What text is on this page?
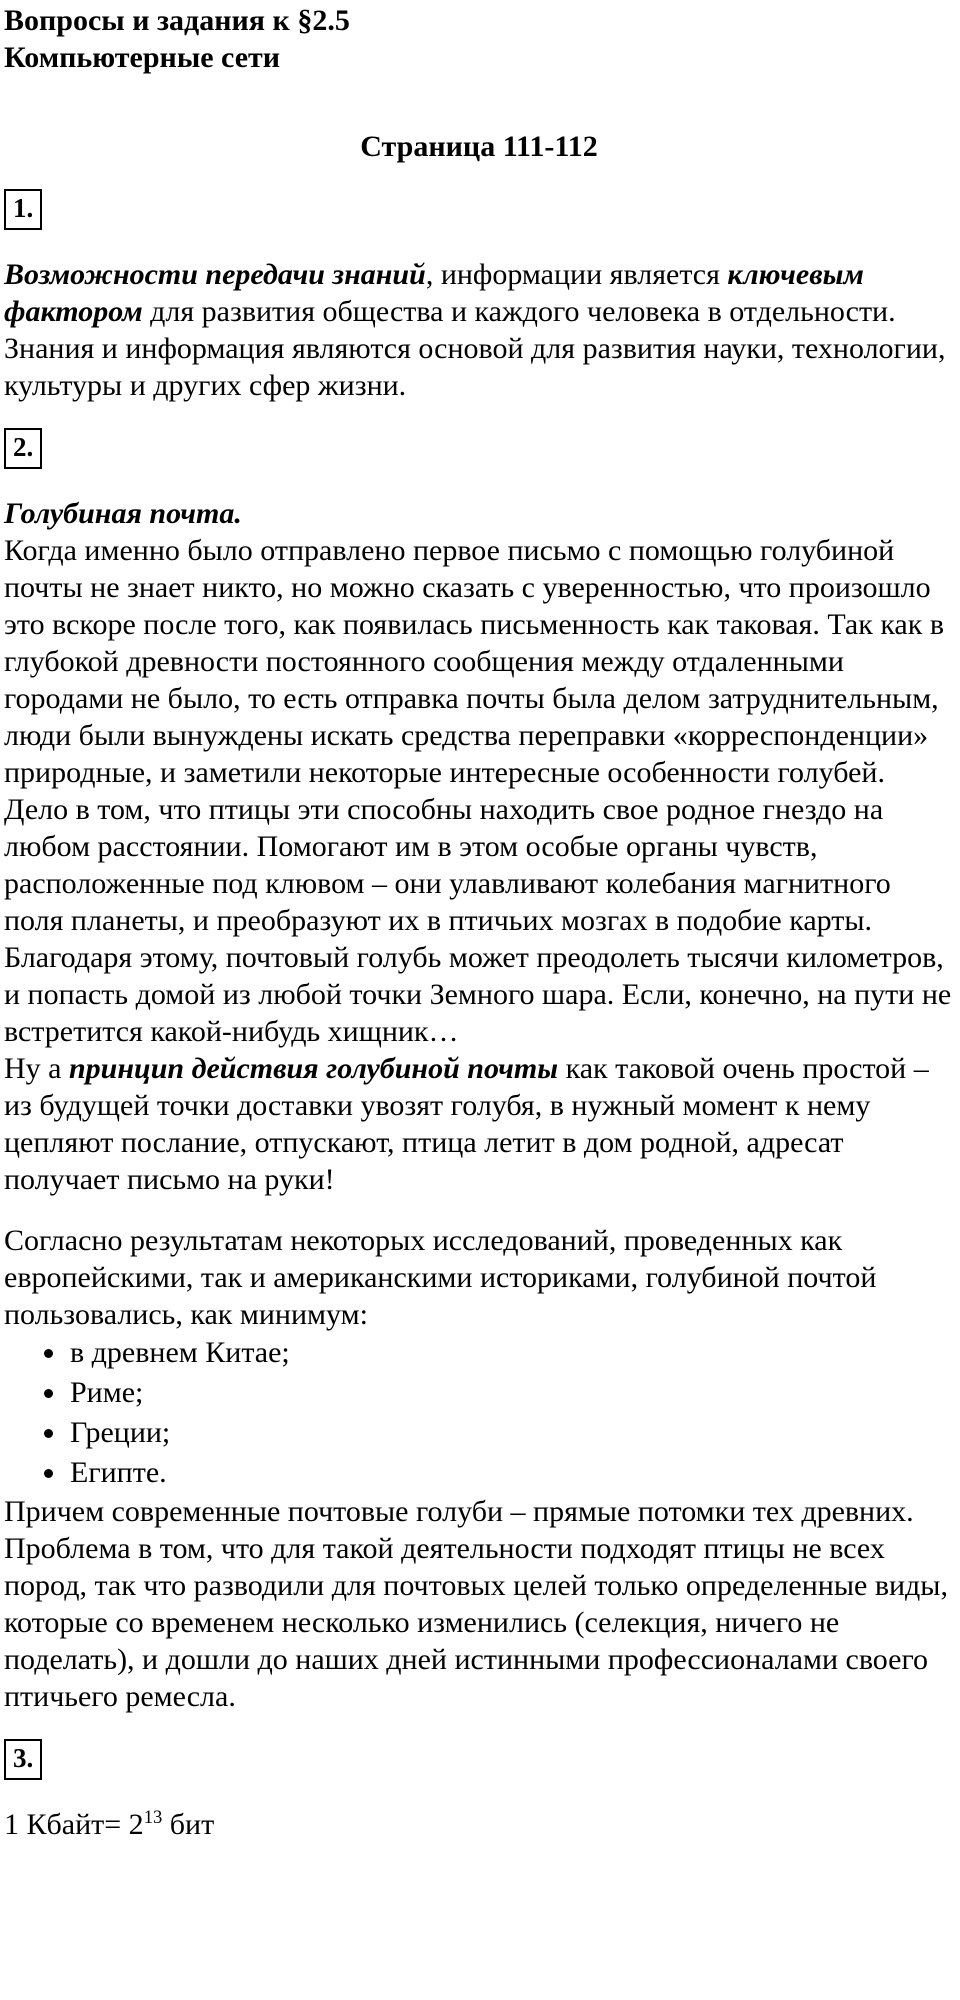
Вопросы и задания к §2.5
Компьютерные сети
Страница 111-112
1.

Возможности передачи знаний, информации является ключевым фактором для развития общества и каждого человека в отдельности.

Знания и информация являются основой для развития науки, технологии, культуры и других сфер жизни.

2.
Голубиная почта.

Когда именно было отправлено первое письмо с помощью голубиной почты не знает никто, но можно сказать с уверенностью, что произошло это вскоре после того, как появилась письменность как таковая. Так как в глубокой древности постоянного сообщения между отдаленными городами не было, то есть отправка почты была делом затруднительным, люди были вынуждены искать средства переправки «корреспонденции» природные, и заметили некоторые интересные особенности голубей.

Дело в том, что птицы эти способны находить свое родное гнездо на любом расстоянии. Помогают им в этом особые органы чувств, расположенные под клювом – они улавливают колебания магнитного поля планеты, и преобразуют их в птичьих мозгах в подобие карты. Благодаря этому, почтовый голубь может преодолеть тысячи километров, и попасть домой из любой точки Земного шара. Если, конечно, на пути не встретится какой-нибудь хищник…

Ну а принцип действия голубиной почты как таковой очень простой – из будущей точки доставки увозят голубя, в нужный момент к нему цепляют послание, отпускают, птица летит в дом родной, адресат получает письмо на руки!

Согласно результатам некоторых исследований, проведенных как европейскими, так и американскими историками, голубиной почтой пользовались, как минимум:

• в древнем Китае;
• Риме;
• Греции;
• Египте.

Причем современные почтовые голуби – прямые потомки тех древних. Проблема в том, что для такой деятельности подходят птицы не всех пород, так что разводили для почтовых целей только определенные виды, которые со временем несколько изменились (селекция, ничего не поделать), и дошли до наших дней истинными профессионалами своего птичьего ремесла.

3.

1 Кбайт= $2^{13}$ бит
